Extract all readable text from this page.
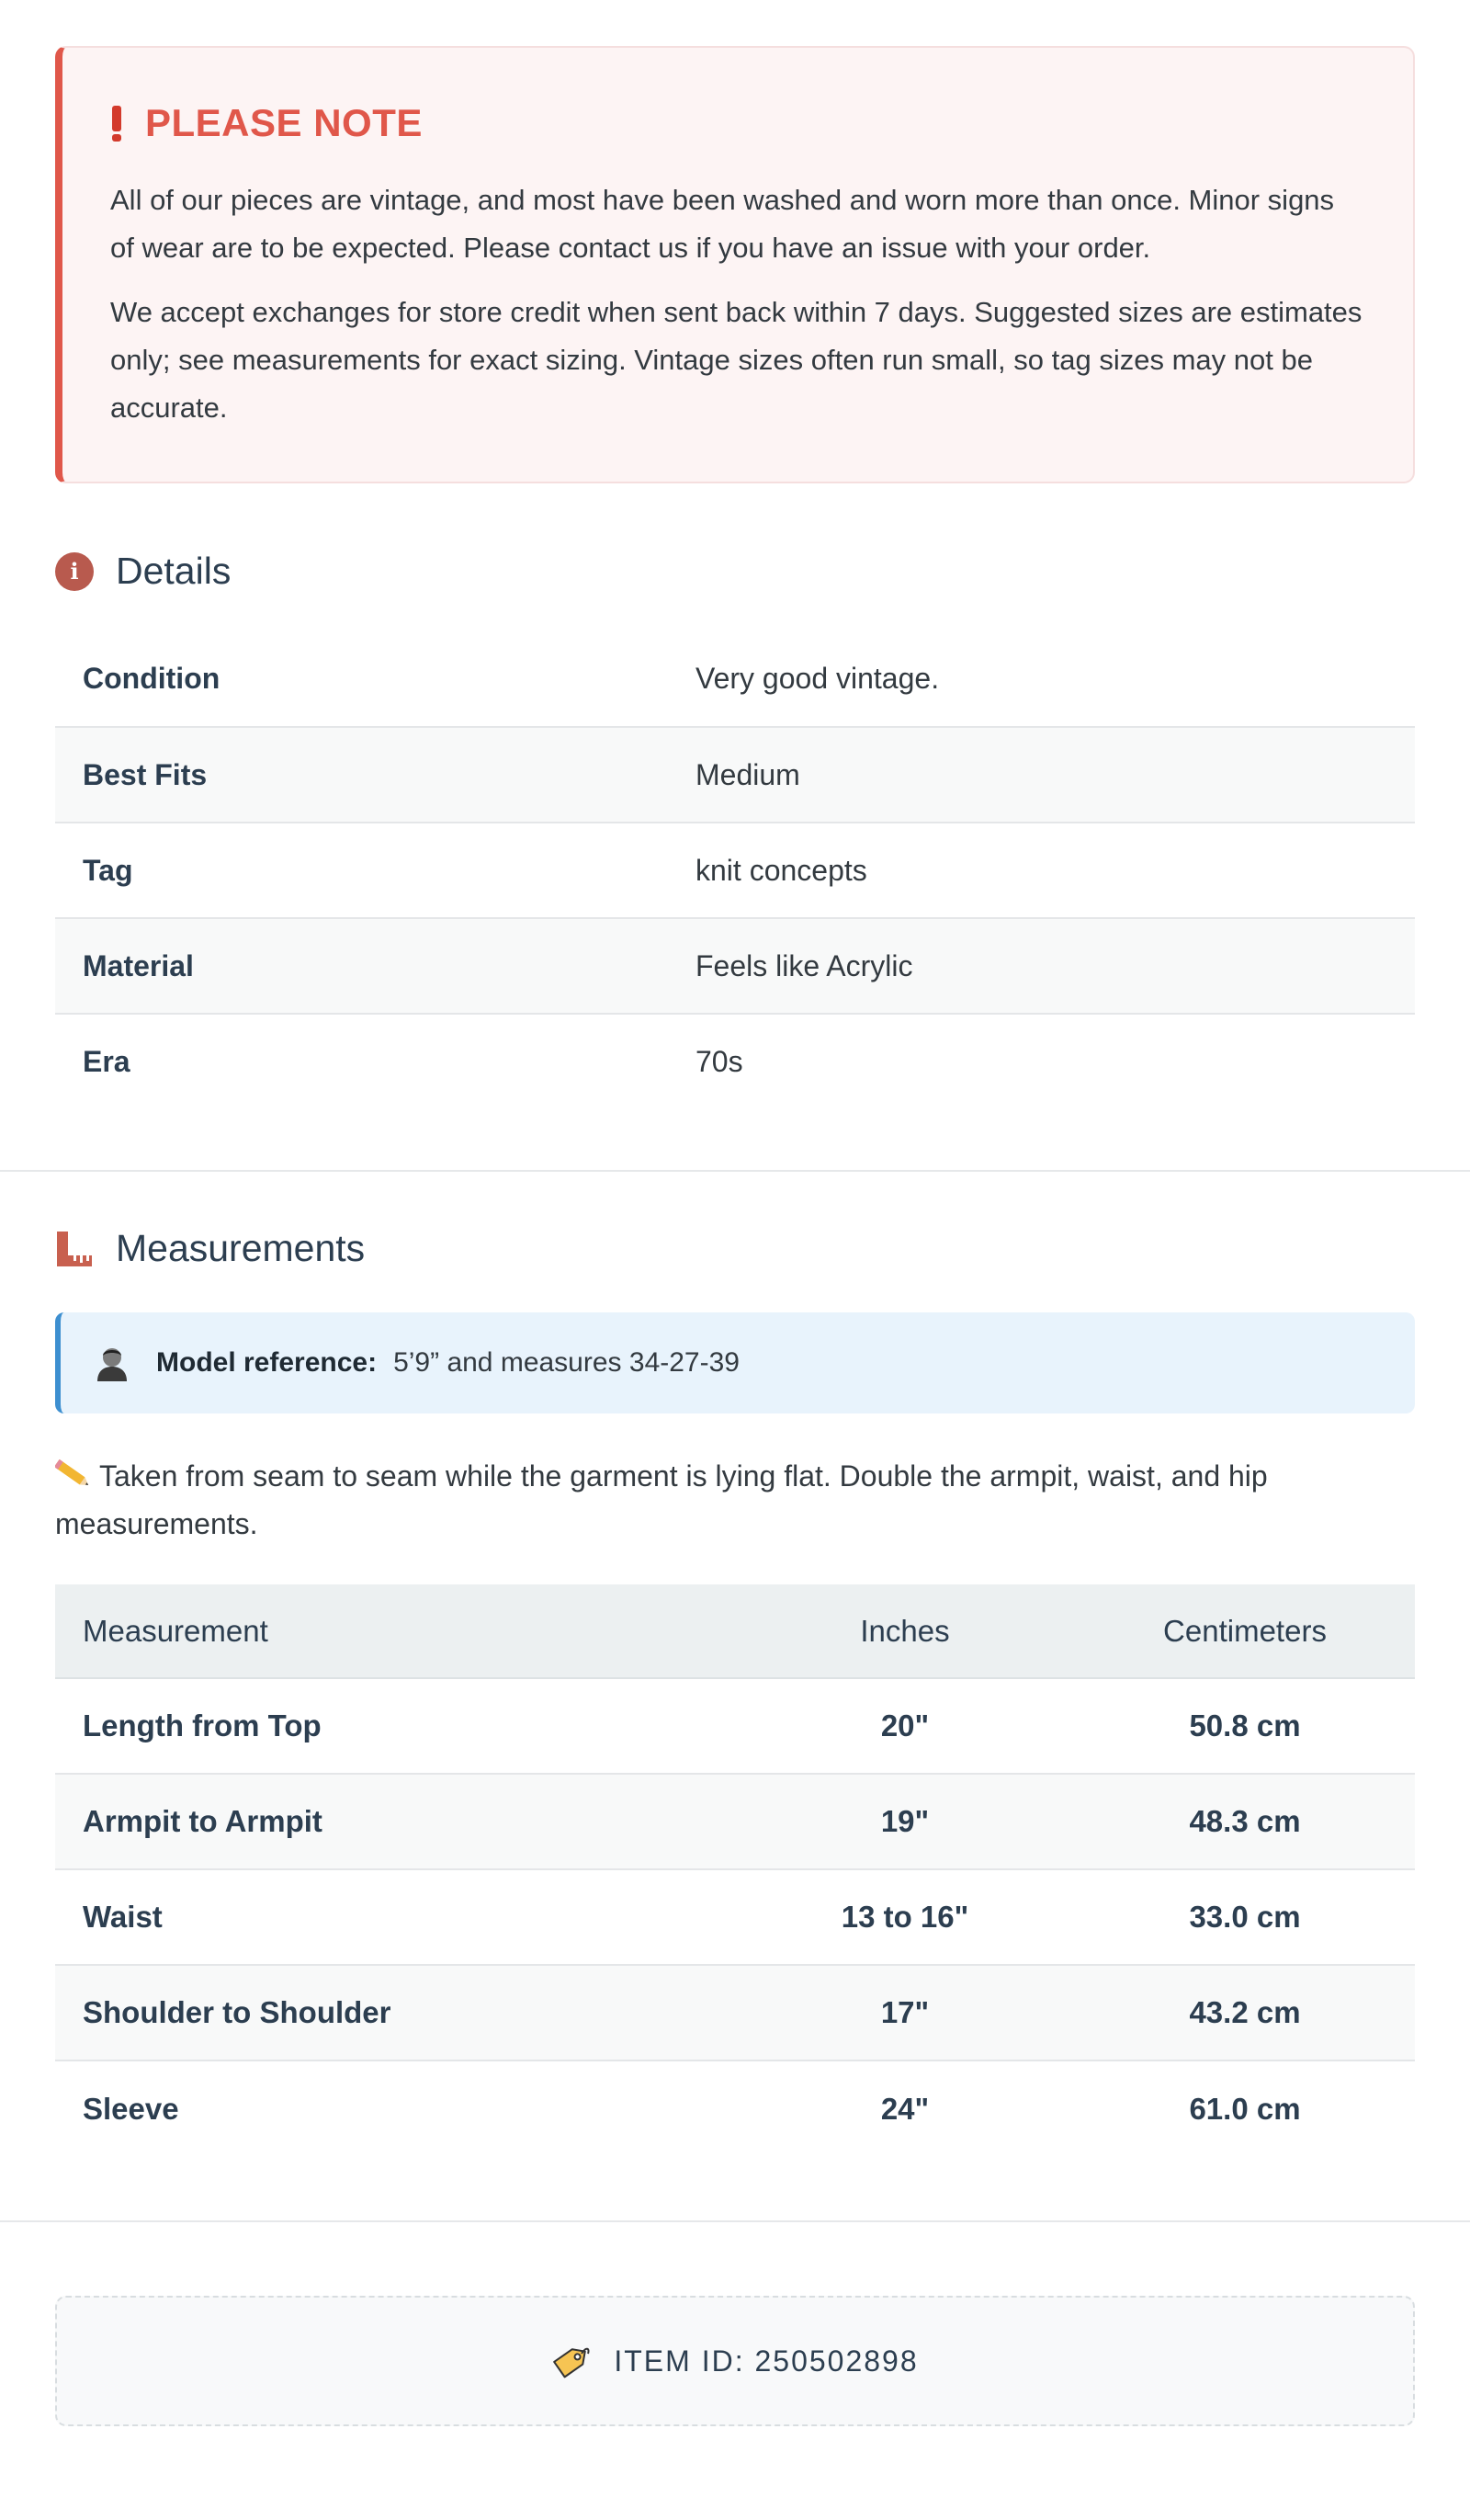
PLEASE NOTE

All of our pieces are vintage, and most have been washed and worn more than once. Minor signs of wear are to be expected. Please contact us if you have an issue with your order.

We accept exchanges for store credit when sent back within 7 days. Suggested sizes are estimates only; see measurements for exact sizing. Vintage sizes often run small, so tag sizes may not be accurate.

i Details
Condition	Very good vintage.
Best Fits	Medium
Tag	knit concepts
Material	Feels like Acrylic
Era	70s
Measurements
Model reference: 5’9” and measures 34-27-39
Taken from seam to seam while the garment is lying flat. Double the armpit, waist, and hip measurements.
Measurement	Inches	Centimeters
Length from Top	20"	50.8 cm
Armpit to Armpit	19"	48.3 cm
Waist	13 to 16"	33.0 cm
Shoulder to Shoulder	17"	43.2 cm
Sleeve	24"	61.0 cm
ITEM ID: 250502898
